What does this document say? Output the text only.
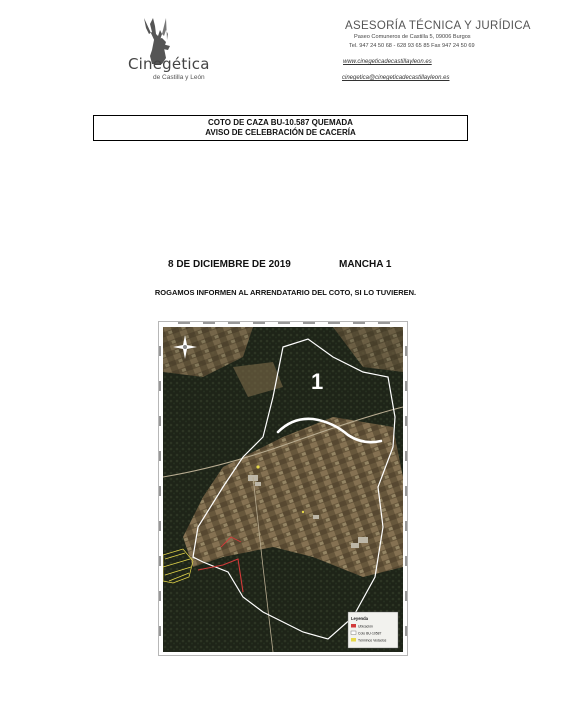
Cinegética
de Castilla y León
ASESORÍA TÉCNICA Y JURÍDICA
Paseo Comuneros de Castilla 5, 09006 Burgos
Tel. 947 24 50 68 - 628 93 65 85 Fax 947 24 50 69
www.cinegeticadecastillayleon.es
cinegetica@cinegeticadecastillayleon.es
COTO DE CAZA BU-10.587 QUEMADA
AVISO DE CELEBRACIÓN DE CACERÍA
8 DE DICIEMBRE DE 2019	MANCHA 1
ROGAMOS INFORMEN AL ARRENDATARIO DEL COTO, SI LO TUVIEREN.
1
Leyenda
Ubicación
Coto BU-10587
Términos Vedados
